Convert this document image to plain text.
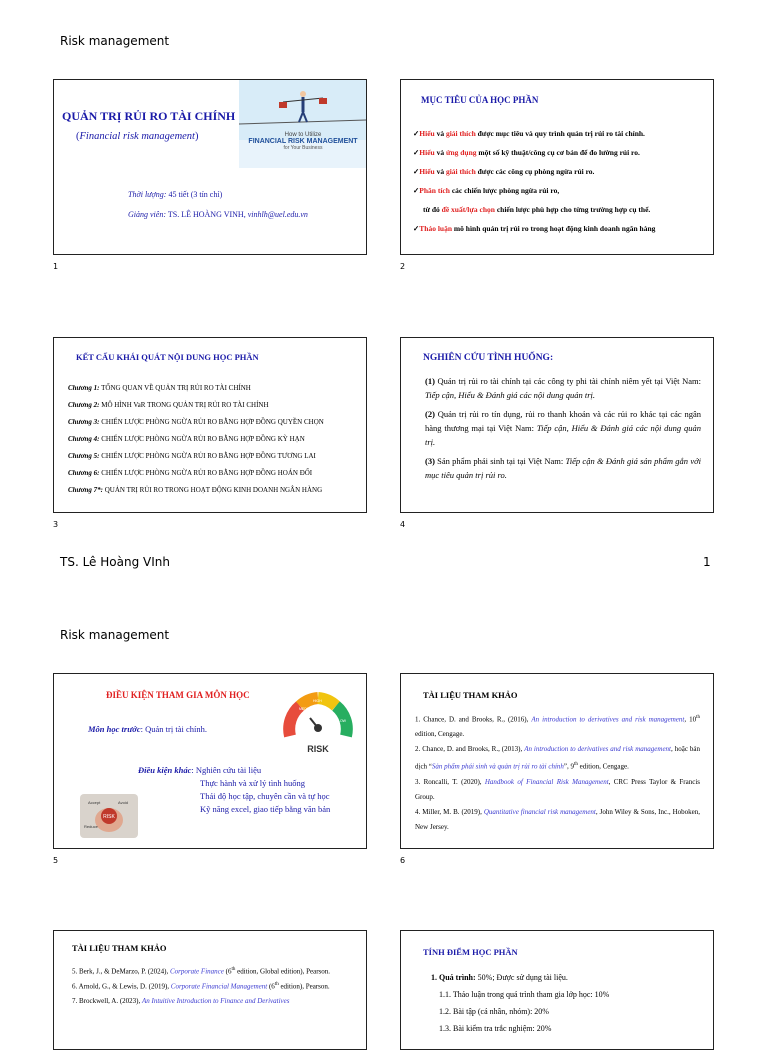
Risk management
How to Utilize
FINANCIAL RISK MANAGEMENT
for Your Business
QUẢN TRỊ RỦI RO TÀI CHÍNH
(Financial risk management)
Thời lượng: 45 tiết (3 tín chỉ)
Giảng viên: TS. LÊ HOÀNG VINH, vinhlh@uel.edu.vn
1
MỤC TIÊU CỦA HỌC PHẦN
✓Hiểu và giải thích được mục tiêu và quy trình quản trị rủi ro tài chính.
✓Hiểu và ứng dụng một số kỹ thuật/công cụ cơ bản để đo lường rủi ro.
✓Hiểu và giải thích được các công cụ phòng ngừa rủi ro.
✓Phân tích các chiến lược phòng ngừa rủi ro,
từ đó đề xuất/lựa chọn chiến lược phù hợp cho từng trường hợp cụ thể.
✓Thảo luận mô hình quản trị rủi ro trong hoạt động kinh doanh ngân hàng
2
KẾT CẤU KHÁI QUÁT NỘI DUNG HỌC PHẦN
Chương 1: TỔNG QUAN VỀ QUẢN TRỊ RỦI RO TÀI CHÍNH
Chương 2: MÔ HÌNH VaR TRONG QUẢN TRỊ RỦI RO TÀI CHÍNH
Chương 3: CHIẾN LƯỢC PHÒNG NGỪA RỦI RO BẰNG HỢP ĐỒNG QUYỀN CHỌN
Chương 4: CHIẾN LƯỢC PHÒNG NGỪA RỦI RO BẰNG HỢP ĐỒNG KỲ HẠN
Chương 5: CHIẾN LƯỢC PHÒNG NGỪA RỦI RO BẰNG HỢP ĐỒNG TƯƠNG LAI
Chương 6: CHIẾN LƯỢC PHÒNG NGỪA RỦI RO BẰNG HỢP ĐỒNG HOÁN ĐỔI
Chương 7*: QUẢN TRỊ RỦI RO TRONG HOẠT ĐỘNG KINH DOANH NGÂN HÀNG
3
NGHIÊN CỨU TÌNH HUỐNG:
(1) Quản trị rủi ro tài chính tại các công ty phi tài chính niêm yết tại Việt Nam: Tiếp cận, Hiểu & Đánh giá các nội dung quản trị.
(2) Quản trị rủi ro tín dụng, rủi ro thanh khoản và các rủi ro khác tại các ngân hàng thương mại tại Việt Nam: Tiếp cận, Hiểu & Đánh giá các nội dung quản trị.
(3) Sản phẩm phái sinh tại tại Việt Nam: Tiếp cận & Đánh giá sản phẩm gắn với mục tiêu quản trị rủi ro.
4
TS. Lê Hoàng VInh	1
Risk management
ĐIỀU KIỆN THAM GIA MÔN HỌC
RISK
MEDIUM
HIGH
LOW
Môn học trước: Quản trị tài chính.
Điều kiện khác: Nghiên cứu tài liệu
Thực hành và xử lý tình huống
Thái độ học tập, chuyên cần và tự học
Kỹ năng excel, giao tiếp bằng văn bản
RISK
Accept	Avoid
Reduce
5
TÀI LIỆU THAM KHẢO
1. Chance, D. and Brooks, R., (2016), An introduction to derivatives and risk management, 10th edition, Cengage.
2. Chance, D. and Brooks, R., (2013), An introduction to derivatives and risk management, hoặc bản dịch “Sản phẩm phái sinh và quản trị rủi ro tài chính”, 9th edition, Cengage.
3. Roncalli, T. (2020), Handbook of Financial Risk Management, CRC Press Taylor & Francis Group.
4. Miller, M. B. (2019), Quantitative financial risk management, John Wiley & Sons, Inc., Hoboken, New Jersey.
6
TÀI LIỆU THAM KHẢO
5. Berk, J., & DeMarzo, P. (2024), Corporate Finance (6th edition, Global edition), Pearson.
6. Arnold, G., & Lewis, D. (2019), Corporate Financial Management (6th edition), Pearson.
7. Brockwell, A. (2023), An Intuitive Introduction to Finance and Derivatives
TÍNH ĐIỂM HỌC PHẦN
1. Quá trình: 50%; Được sử dụng tài liệu.
1.1. Thảo luận trong quá trình tham gia lớp học: 10%
1.2. Bài tập (cá nhân, nhóm): 20%
1.3. Bài kiểm tra trắc nghiệm: 20%
